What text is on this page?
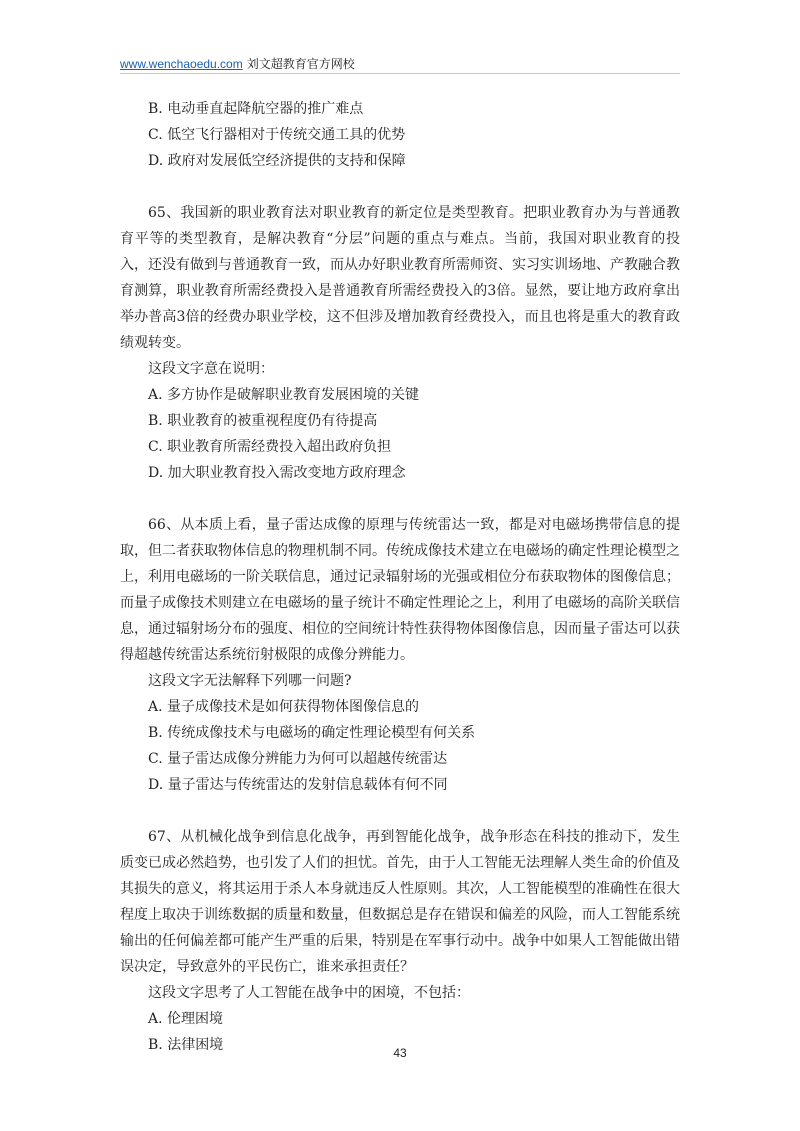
www.wenchaoedu.com 刘文超教育官方网校
B. 电动垂直起降航空器的推广难点
C. 低空飞行器相对于传统交通工具的优势
D. 政府对发展低空经济提供的支持和保障

65、我国新的职业教育法对职业教育的新定位是类型教育。把职业教育办为与普通教育平等的类型教育，是解决教育“分层”问题的重点与难点。当前，我国对职业教育的投入，还没有做到与普通教育一致，而从办好职业教育所需师资、实习实训场地、产教融合教育测算，职业教育所需经费投入是普通教育所需经费投入的3倍。显然，要让地方政府拿出举办普高3倍的经费办职业学校，这不但涉及增加教育经费投入，而且也将是重大的教育政绩观转变。

这段文字意在说明：
A. 多方协作是破解职业教育发展困境的关键
B. 职业教育的被重视程度仍有待提高
C. 职业教育所需经费投入超出政府负担
D. 加大职业教育投入需改变地方政府理念

66、从本质上看，量子雷达成像的原理与传统雷达一致，都是对电磁场携带信息的提取，但二者获取物体信息的物理机制不同。传统成像技术建立在电磁场的确定性理论模型之上，利用电磁场的一阶关联信息，通过记录辐射场的光强或相位分布获取物体的图像信息；而量子成像技术则建立在电磁场的量子统计不确定性理论之上，利用了电磁场的高阶关联信息，通过辐射场分布的强度、相位的空间统计特性获得物体图像信息，因而量子雷达可以获得超越传统雷达系统衍射极限的成像分辨能力。

这段文字无法解释下列哪一问题?
A. 量子成像技术是如何获得物体图像信息的
B. 传统成像技术与电磁场的确定性理论模型有何关系
C. 量子雷达成像分辨能力为何可以超越传统雷达
D. 量子雷达与传统雷达的发射信息载体有何不同

67、从机械化战争到信息化战争，再到智能化战争，战争形态在科技的推动下，发生质变已成必然趋势，也引发了人们的担忧。首先，由于人工智能无法理解人类生命的价值及其损失的意义，将其运用于杀人本身就违反人性原则。其次，人工智能模型的准确性在很大程度上取决于训练数据的质量和数量，但数据总是存在错误和偏差的风险，而人工智能系统输出的任何偏差都可能产生严重的后果，特别是在军事行动中。战争中如果人工智能做出错误决定，导致意外的平民伤亡，谁来承担责任？

这段文字思考了人工智能在战争中的困境，不包括：
A. 伦理困境
B. 法律困境	43
